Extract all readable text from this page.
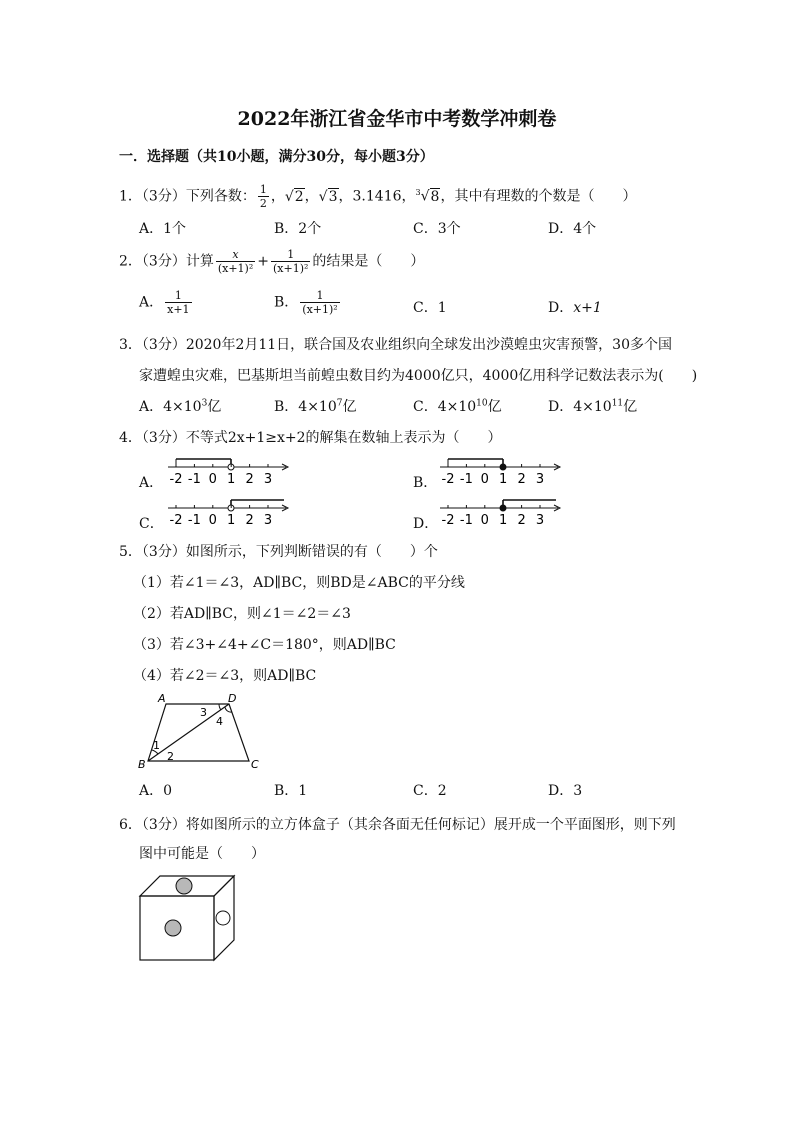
2022年浙江省金华市中考数学冲刺卷
一．选择题（共10小题，满分30分，每小题3分）
1．（3分）下列各数： $\frac{1}{2}$ ，√2，√3，3.1416，$^3$√8，其中有理数的个数是（　　）
A．1个	B．2个	C．3个	D．4个
2．（3分）计算 $\frac{x}{\text{(x+1)²}} + \frac{1}{\text{(x+1)²}}$ 的结果是（　　）
A． $\frac{1}{x+1}$	B． $\frac{1}{\text{(x+1)²}}$	C．1	D．x+1
3．（3分）2020年2月11日，联合国及农业组织向全球发出沙漠蝗虫灾害预警，30多个国
家遭蝗虫灾难，巴基斯坦当前蝗虫数目约为4000亿只，4000亿用科学记数法表示为(　　)
A．$4\times 10^3$亿	B．$4\times 10^7$亿	C．$4\times 10^{10}$亿	D．$4\times 10^{11}$亿
4．（3分）不等式2x+1≥x+2的解集在数轴上表示为（　　）
A． -2 -1 0 1 2 3	B． -2 -1 0 1 2 3
C． -2 -1 0 1 2 3	D． -2 -1 0 1 2 3
5．（3分）如图所示，下列判断错误的有（　　）个
（1）若∠1＝∠3，AD∥BC，则BD是∠ABC的平分线
（2）若AD∥BC，则∠1＝∠2＝∠3
（3）若∠3+∠4+∠C＝180°，则AD∥BC
（4）若∠2＝∠3，则AD∥BC
A	D
B	C
1
2
3
4
A．0	B．1	C．2	D．3
6．（3分）将如图所示的立方体盒子（其余各面无任何标记）展开成一个平面图形，则下列
图中可能是（　　）
